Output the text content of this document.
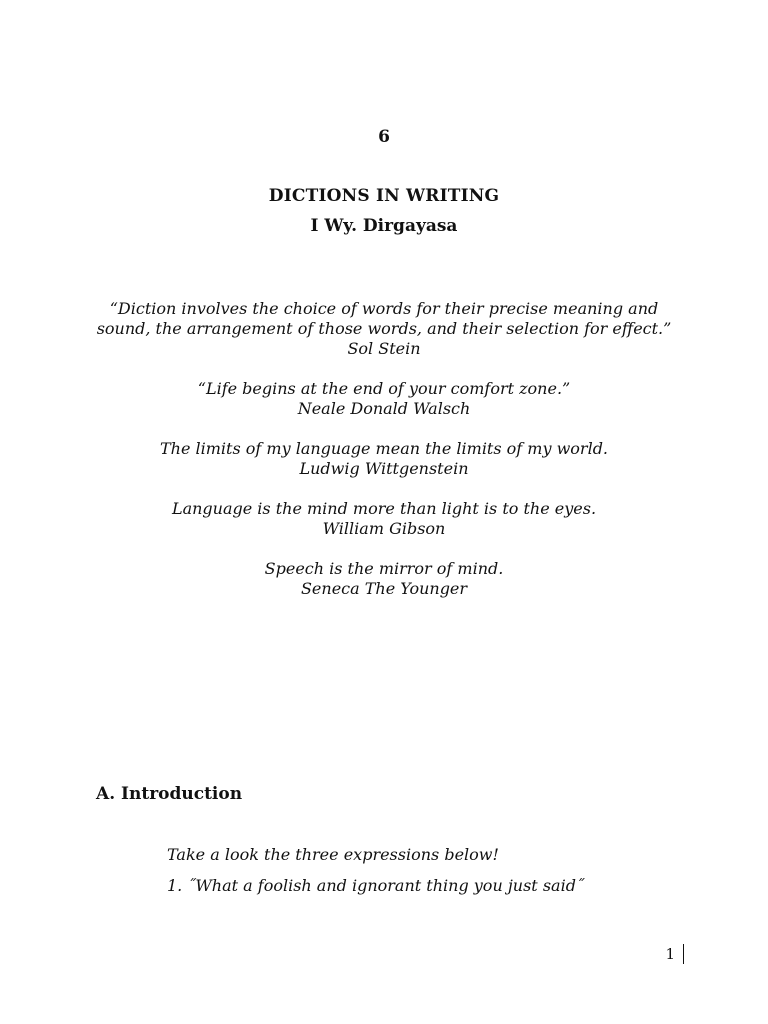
6
DICTIONS IN WRITING
I Wy. Dirgayasa
“Diction involves the choice of words for their precise meaning and
sound, the arrangement of those words, and their selection for effect.”
Sol Stein
“Life begins at the end of your comfort zone.”
Neale Donald Walsch
The limits of my language mean the limits of my world.
Ludwig Wittgenstein
Language is the mind more than light is to the eyes.
William Gibson
Speech is the mirror of mind.
Seneca The Younger
A. Introduction
Take a look the three expressions below!
1. ˝What a foolish and ignorant thing you just said˝
1
